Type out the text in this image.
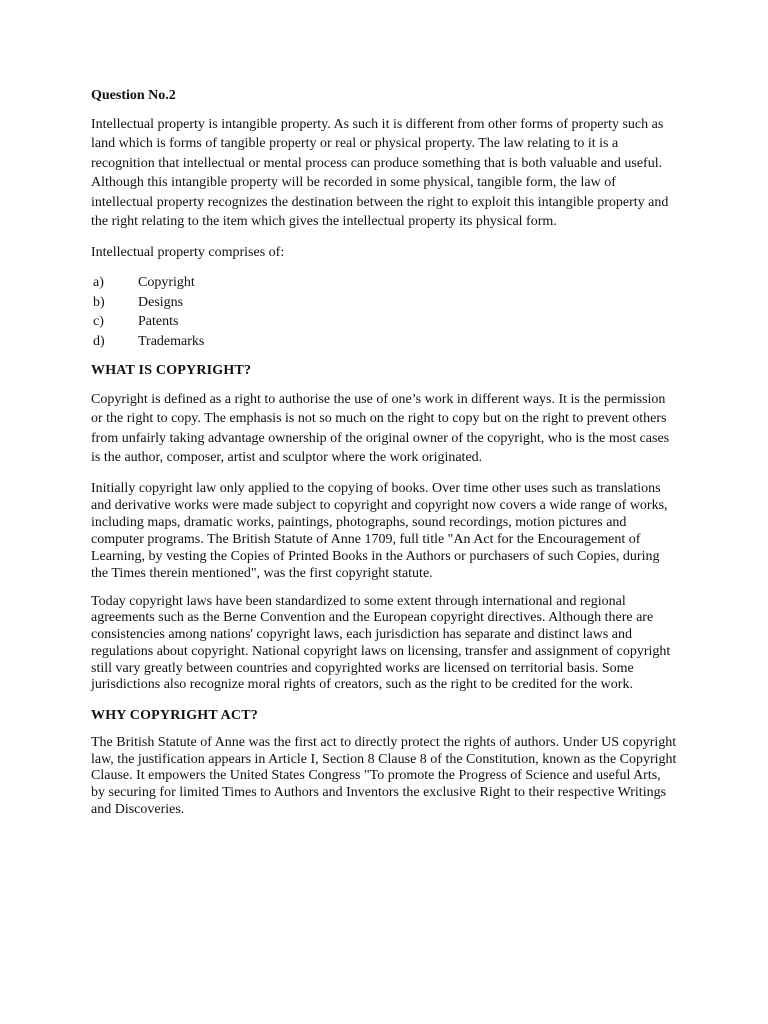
Question No.2

Intellectual property is intangible property. As such it is different from other forms of property such as land which is forms of tangible property or real or physical property. The law relating to it is a recognition that intellectual or mental process can produce something that is both valuable and useful. Although this intangible property will be recorded in some physical, tangible form, the law of intellectual property recognizes the destination between the right to exploit this intangible property and the right relating to the item which gives the intellectual property its physical form.

Intellectual property comprises of:

a)	Copyright
b)	Designs
c)	Patents
d)	Trademarks

WHAT IS COPYRIGHT?

Copyright is defined as a right to authorise the use of one’s work in different ways. It is the permission or the right to copy. The emphasis is not so much on the right to copy but on the right to prevent others from unfairly taking advantage ownership of the original owner of the copyright, who is the most cases is the author, composer, artist and sculptor where the work originated.

Initially copyright law only applied to the copying of books. Over time other uses such as translations and derivative works were made subject to copyright and copyright now covers a wide range of works, including maps, dramatic works, paintings, photographs, sound recordings, motion pictures and computer programs. The British Statute of Anne 1709, full title "An Act for the Encouragement of Learning, by vesting the Copies of Printed Books in the Authors or purchasers of such Copies, during the Times therein mentioned", was the first copyright statute.

Today copyright laws have been standardized to some extent through international and regional agreements such as the Berne Convention and the European copyright directives. Although there are consistencies among nations' copyright laws, each jurisdiction has separate and distinct laws and regulations about copyright. National copyright laws on licensing, transfer and assignment of copyright still vary greatly between countries and copyrighted works are licensed on territorial basis. Some jurisdictions also recognize moral rights of creators, such as the right to be credited for the work.

WHY COPYRIGHT ACT?

The British Statute of Anne was the first act to directly protect the rights of authors. Under US copyright law, the justification appears in Article I, Section 8 Clause 8 of the Constitution, known as the Copyright Clause. It empowers the United States Congress "To promote the Progress of Science and useful Arts, by securing for limited Times to Authors and Inventors the exclusive Right to their respective Writings and Discoveries.
